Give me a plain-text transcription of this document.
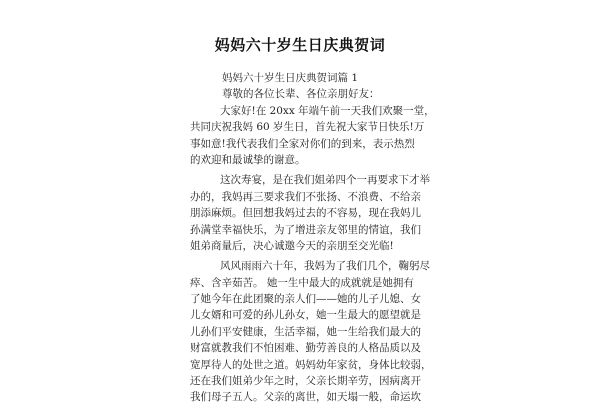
妈妈六十岁生日庆典贺词
妈妈六十岁生日庆典贺词篇 1
尊敬的各位长辈、各位亲朋好友：
大家好!在 20xx 年端午前一天我们欢聚一堂，
共同庆祝我妈 60 岁生日，首先祝大家节日快乐!万
事如意!我代表我们全家对你们的到来，表示热烈
的欢迎和最诚挚的谢意。
这次寿宴，是在我们姐弟四个一再要求下才举
办的，我妈再三要求我们不张扬、不浪费、不给亲
朋添麻烦。但回想我妈过去的不容易，现在我妈儿
孙满堂幸福快乐，为了增进亲友邻里的情谊，我们
姐弟商量后，决心诚邀今天的亲朋至交光临!
风风雨雨六十年，我妈为了我们几个，鞠躬尽
瘁、含辛茹苦。 她一生中最大的成就就是她拥有
了她今年在此团聚的亲人们——她的儿子儿媳、女
儿女婿和可爱的孙儿孙女，她一生最大的愿望就是
儿孙们平安健康，生活幸福，她一生给我们最大的
财富就教我们不怕困难、勤劳善良的人格品质以及
宽厚待人的处世之道。妈妈幼年家贫，身体比较弱，
还在我们姐弟少年之时，父亲长期辛劳，因病离开
我们母子五人。父亲的离世，如天塌一般，命运坎
